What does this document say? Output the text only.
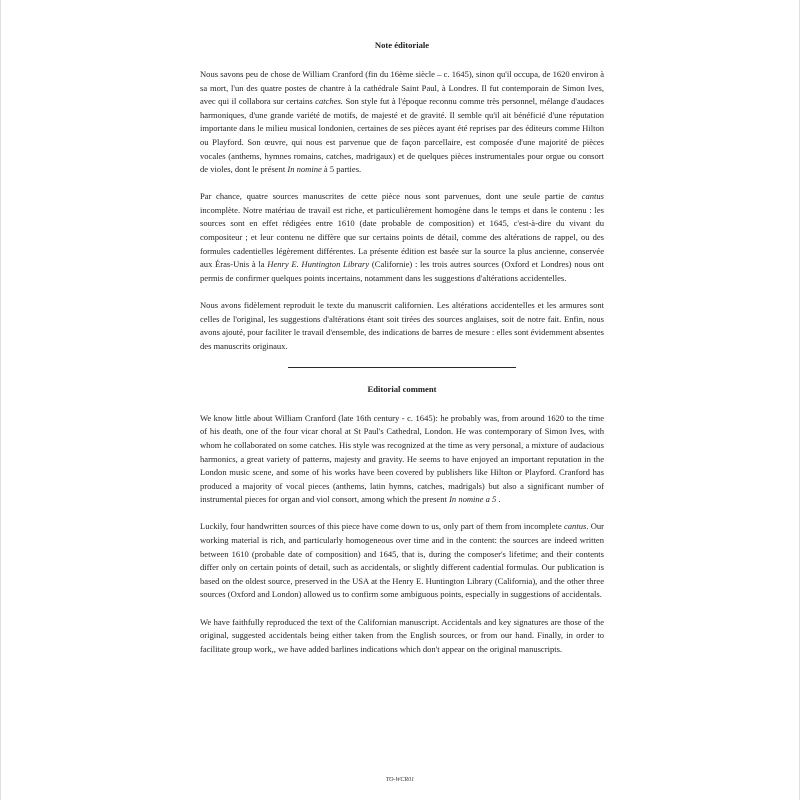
Note éditoriale

Nous savons peu de chose de William Cranford (fin du 16ème siècle – c. 1645), sinon qu'il occupa, de 1620 environ à sa mort, l'un des quatre postes de chantre à la cathédrale Saint Paul, à Londres. Il fut contemporain de Simon Ives, avec qui il collabora sur certains catches. Son style fut à l'époque reconnu comme très personnel, mélange d'audaces harmoniques, d'une grande variété de motifs, de majesté et de gravité. Il semble qu'il ait bénéficié d'une réputation importante dans le milieu musical londonien, certaines de ses pièces ayant été reprises par des éditeurs comme Hilton ou Playford. Son œuvre, qui nous est parvenue que de façon parcellaire, est composée d'une majorité de pièces vocales (anthems, hymnes romains, catches, madrigaux) et de quelques pièces instrumentales pour orgue ou consort de violes, dont le présent In nomine à 5 parties.

Par chance, quatre sources manuscrites de cette pièce nous sont parvenues, dont une seule partie de cantus incomplète. Notre matériau de travail est riche, et particulièrement homogène dans le temps et dans le contenu : les sources sont en effet rédigées entre 1610 (date probable de composition) et 1645, c'est-à-dire du vivant du compositeur ; et leur contenu ne diffère que sur certains points de détail, comme des altérations de rappel, ou des formules cadentielles légèrement différentes. La présente édition est basée sur la source la plus ancienne, conservée aux Éras-Unis à la Henry E. Huntington Library (Californie) : les trois autres sources (Oxford et Londres) nous ont permis de confirmer quelques points incertains, notamment dans les suggestions d'altérations accidentelles.

Nous avons fidèlement reproduit le texte du manuscrit californien. Les altérations accidentelles et les armures sont celles de l'original, les suggestions d'altérations étant soit tirées des sources anglaises, soit de notre fait. Enfin, nous avons ajouté, pour faciliter le travail d'ensemble, des indications de barres de mesure : elles sont évidemment absentes des manuscrits originaux.

Editorial comment

We know little about William Cranford (late 16th century - c. 1645): he probably was, from around 1620 to the time of his death, one of the four vicar choral at St Paul's Cathedral, London. He was contemporary of Simon Ives, with whom he collaborated on some catches. His style was recognized at the time as very personal, a mixture of audacious harmonics, a great variety of patterns, majesty and gravity. He seems to have enjoyed an important reputation in the London music scene, and some of his works have been covered by publishers like Hilton or Playford. Cranford has produced a majority of vocal pieces (anthems, latin hymns, catches, madrigals) but also a significant number of instrumental pieces for organ and viol consort, among which the present In nomine a 5 .

Luckily, four handwritten sources of this piece have come down to us, only part of them from incomplete cantus. Our working material is rich, and particularly homogeneous over time and in the content: the sources are indeed written between 1610 (probable date of composition) and 1645, that is, during the composer's lifetime; and their contents differ only on certain points of detail, such as accidentals, or slightly different cadential formulas. Our publication is based on the oldest source, preserved in the USA at the Henry E. Huntington Library (California), and the other three sources (Oxford and London) allowed us to confirm some ambiguous points, especially in suggestions of accidentals.

We have faithfully reproduced the text of the Californian manuscript. Accidentals and key signatures are those of the original, suggested accidentals being either taken from the English sources, or from our hand. Finally, in order to facilitate group work,, we have added barlines indications which don't appear on the original manuscripts.

TO-WCR01
